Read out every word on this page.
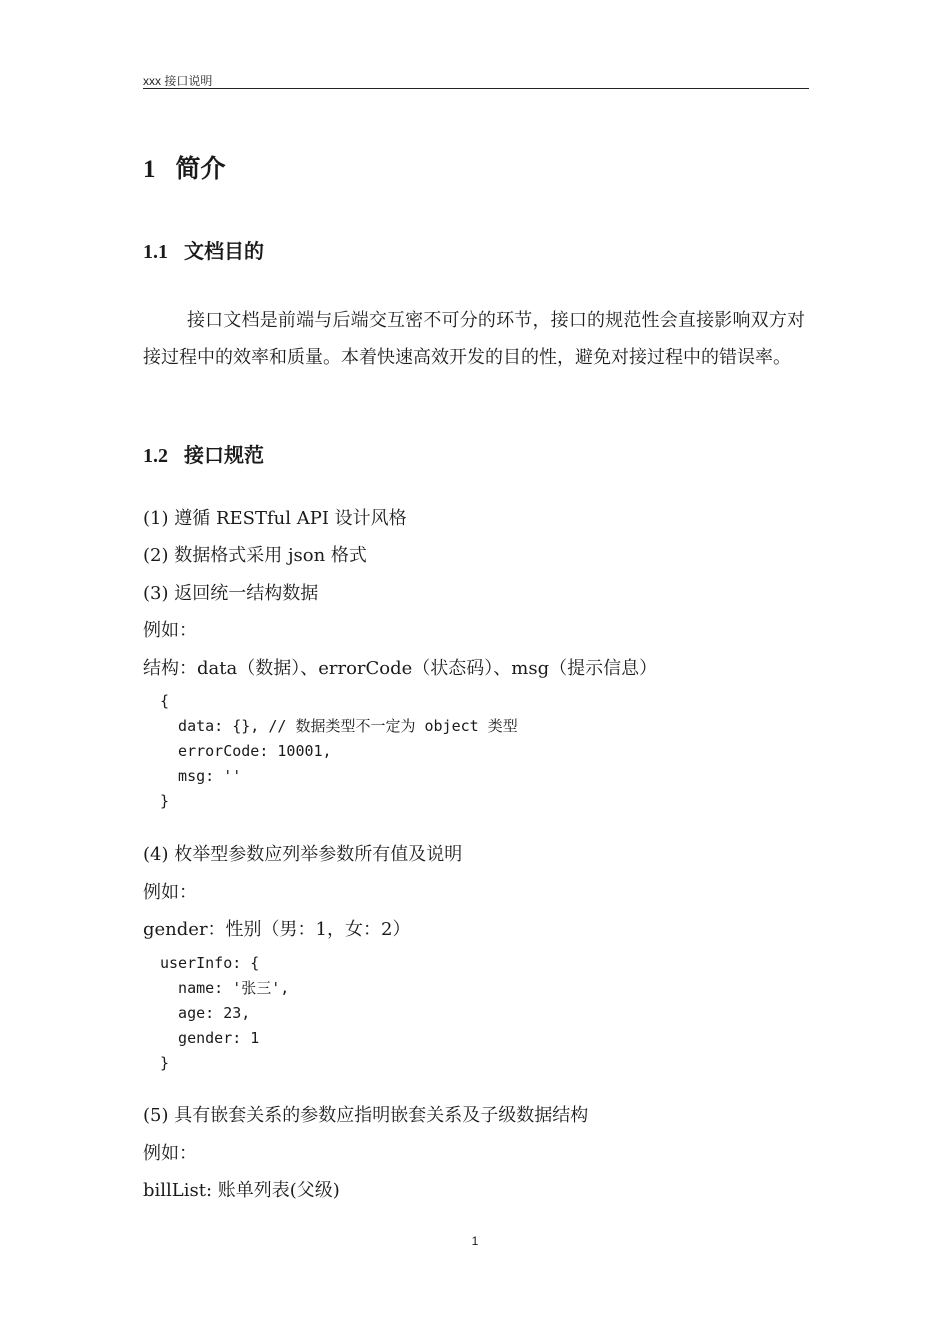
xxx 接口说明
1 简介
1.1 文档目的
接口文档是前端与后端交互密不可分的环节，接口的规范性会直接影响双方对接过程中的效率和质量。本着快速高效开发的目的性，避免对接过程中的错误率。
1.2 接口规范
(1) 遵循 RESTful API 设计风格
(2) 数据格式采用 json 格式
(3) 返回统一结构数据
例如：
结构：data（数据）、errorCode（状态码）、msg（提示信息）
{
data: {}, // 数据类型不一定为 object 类型
errorCode: 10001,
msg: ''
}
(4) 枚举型参数应列举参数所有值及说明
例如：
gender：性别（男：1，女：2）
userInfo: {
name: '张三',
age: 23,
gender: 1
}
(5) 具有嵌套关系的参数应指明嵌套关系及子级数据结构
例如：
billList: 账单列表(父级)
1
